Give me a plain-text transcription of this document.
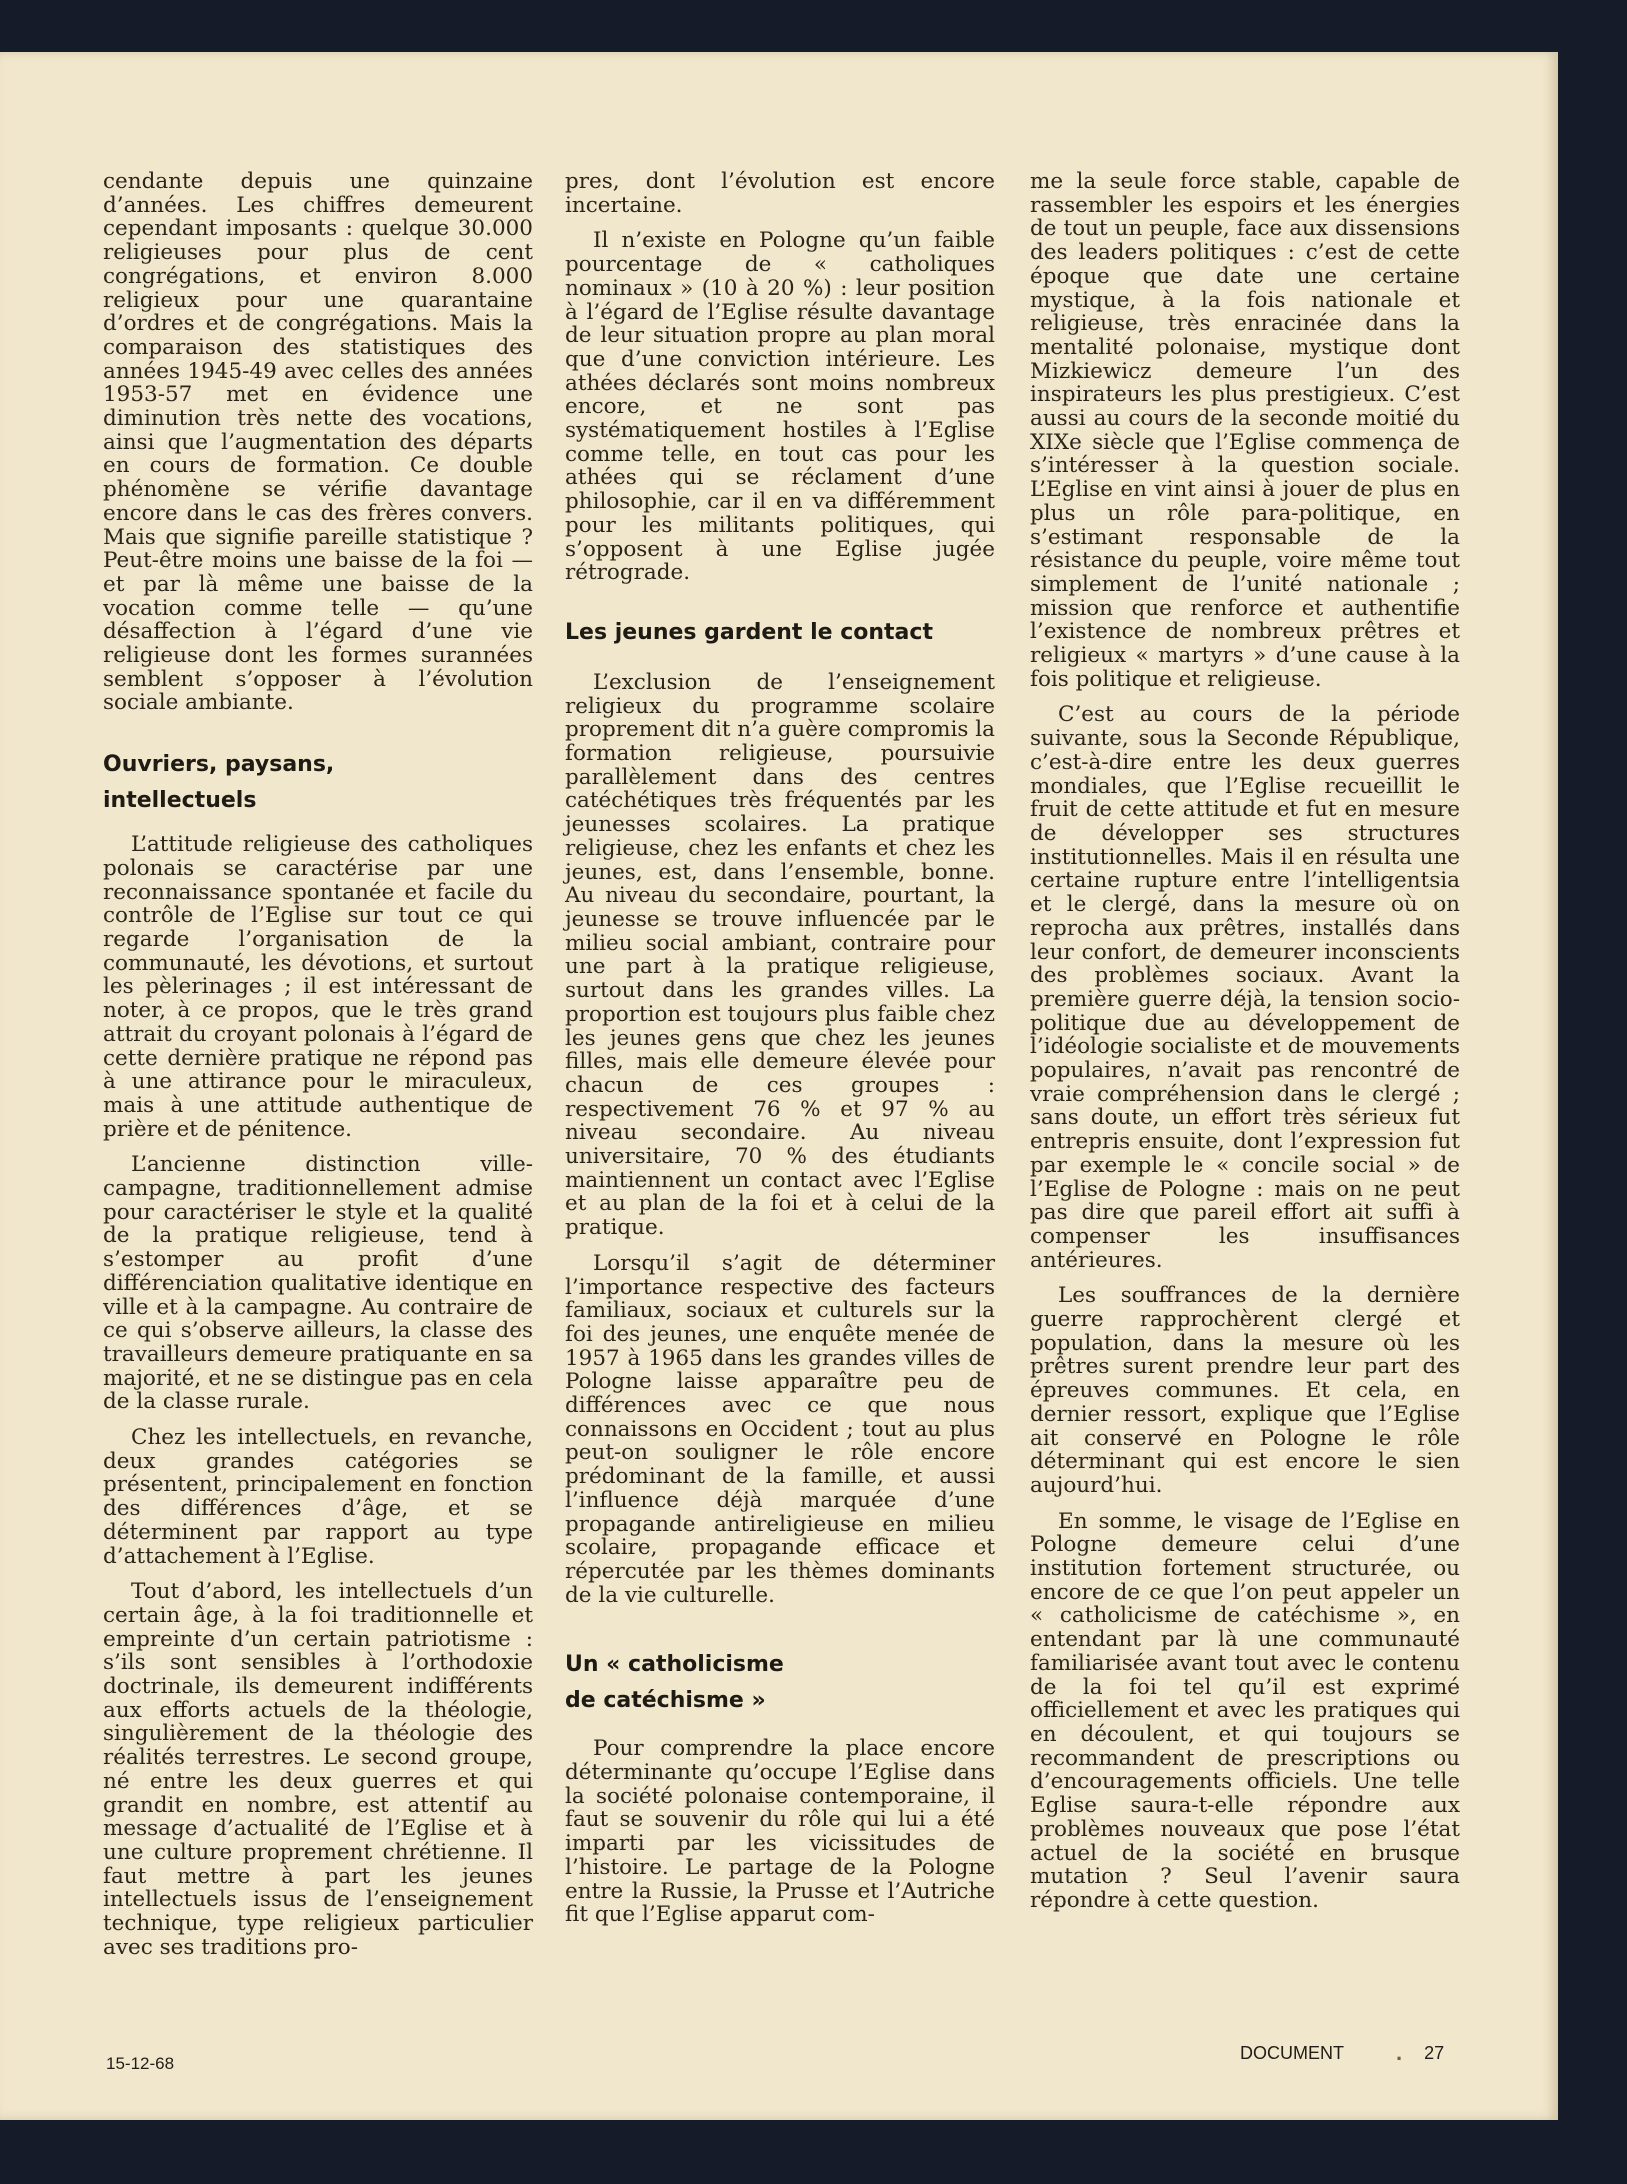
cendante depuis une quinzaine d’années. Les chiffres demeurent cependant imposants : quelque 30.000 religieuses pour plus de cent congrégations, et environ 8.000 religieux pour une quarantaine d’ordres et de congrégations. Mais la comparaison des statistiques des années 1945-49 avec celles des années 1953-57 met en évidence une diminution très nette des vocations, ainsi que l’augmentation des départs en cours de formation. Ce double phénomène se vérifie davantage encore dans le cas des frères convers. Mais que signifie pareille statistique ? Peut-être moins une baisse de la foi — et par là même une baisse de la vocation comme telle — qu’une désaffection à l’égard d’une vie religieuse dont les formes surannées semblent s’opposer à l’évolution sociale ambiante.

Ouvriers, paysans,
intellectuels

L’attitude religieuse des catholiques polonais se caractérise par une reconnaissance spontanée et facile du contrôle de l’Eglise sur tout ce qui regarde l’organisation de la communauté, les dévotions, et surtout les pèlerinages ; il est intéressant de noter, à ce propos, que le très grand attrait du croyant polonais à l’égard de cette dernière pratique ne répond pas à une attirance pour le miraculeux, mais à une attitude authentique de prière et de pénitence.

L’ancienne distinction ville-campagne, traditionnellement admise pour caractériser le style et la qualité de la pratique religieuse, tend à s’estomper au profit d’une différenciation qualitative identique en ville et à la campagne. Au contraire de ce qui s’observe ailleurs, la classe des travailleurs demeure pratiquante en sa majorité, et ne se distingue pas en cela de la classe rurale.

Chez les intellectuels, en revanche, deux grandes catégories se présentent, principalement en fonction des différences d’âge, et se déterminent par rapport au type d’attachement à l’Eglise.

Tout d’abord, les intellectuels d’un certain âge, à la foi traditionnelle et empreinte d’un certain patriotisme : s’ils sont sensibles à l’orthodoxie doctrinale, ils demeurent indifférents aux efforts actuels de la théologie, singulièrement de la théologie des réalités terrestres. Le second groupe, né entre les deux guerres et qui grandit en nombre, est attentif au message d’actualité de l’Eglise et à une culture proprement chrétienne. Il faut mettre à part les jeunes intellectuels issus de l’enseignement technique, type religieux particulier avec ses traditions pro-

pres, dont l’évolution est encore incertaine.

Il n’existe en Pologne qu’un faible pourcentage de « catholiques nominaux » (10 à 20 %) : leur position à l’égard de l’Eglise résulte davantage de leur situation propre au plan moral que d’une conviction intérieure. Les athées déclarés sont moins nombreux encore, et ne sont pas systématiquement hostiles à l’Eglise comme telle, en tout cas pour les athées qui se réclament d’une philosophie, car il en va différemment pour les militants politiques, qui s’opposent à une Eglise jugée rétrograde.

Les jeunes gardent le contact

L’exclusion de l’enseignement religieux du programme scolaire proprement dit n’a guère compromis la formation religieuse, poursuivie parallèlement dans des centres catéchétiques très fréquentés par les jeunesses scolaires. La pratique religieuse, chez les enfants et chez les jeunes, est, dans l’ensemble, bonne. Au niveau du secondaire, pourtant, la jeunesse se trouve influencée par le milieu social ambiant, contraire pour une part à la pratique religieuse, surtout dans les grandes villes. La proportion est toujours plus faible chez les jeunes gens que chez les jeunes filles, mais elle demeure élevée pour chacun de ces groupes : respectivement 76 % et 97 % au niveau secondaire. Au niveau universitaire, 70 % des étudiants maintiennent un contact avec l’Eglise et au plan de la foi et à celui de la pratique.

Lorsqu’il s’agit de déterminer l’importance respective des facteurs familiaux, sociaux et culturels sur la foi des jeunes, une enquête menée de 1957 à 1965 dans les grandes villes de Pologne laisse apparaître peu de différences avec ce que nous connaissons en Occident ; tout au plus peut-on souligner le rôle encore prédominant de la famille, et aussi l’influence déjà marquée d’une propagande antireligieuse en milieu scolaire, propagande efficace et répercutée par les thèmes dominants de la vie culturelle.

Un « catholicisme
de catéchisme »

Pour comprendre la place encore déterminante qu’occupe l’Eglise dans la société polonaise contemporaine, il faut se souvenir du rôle qui lui a été imparti par les vicissitudes de l’histoire. Le partage de la Pologne entre la Russie, la Prusse et l’Autriche fit que l’Eglise apparut com-

me la seule force stable, capable de rassembler les espoirs et les énergies de tout un peuple, face aux dissensions des leaders politiques : c’est de cette époque que date une certaine mystique, à la fois nationale et religieuse, très enracinée dans la mentalité polonaise, mystique dont Mizkiewicz demeure l’un des inspirateurs les plus prestigieux. C’est aussi au cours de la seconde moitié du XIXe siècle que l’Eglise commença de s’intéresser à la question sociale. L’Eglise en vint ainsi à jouer de plus en plus un rôle para-politique, en s’estimant responsable de la résistance du peuple, voire même tout simplement de l’unité nationale ; mission que renforce et authentifie l’existence de nombreux prêtres et religieux « martyrs » d’une cause à la fois politique et religieuse.

C’est au cours de la période suivante, sous la Seconde République, c’est-à-dire entre les deux guerres mondiales, que l’Eglise recueillit le fruit de cette attitude et fut en mesure de développer ses structures institutionnelles. Mais il en résulta une certaine rupture entre l’intelligentsia et le clergé, dans la mesure où on reprocha aux prêtres, installés dans leur confort, de demeurer inconscients des problèmes sociaux. Avant la première guerre déjà, la tension socio-politique due au développement de l’idéologie socialiste et de mouvements populaires, n’avait pas rencontré de vraie compréhension dans le clergé ; sans doute, un effort très sérieux fut entrepris ensuite, dont l’expression fut par exemple le « concile social » de l’Eglise de Pologne : mais on ne peut pas dire que pareil effort ait suffi à compenser les insuffisances antérieures.

Les souffrances de la dernière guerre rapprochèrent clergé et population, dans la mesure où les prêtres surent prendre leur part des épreuves communes. Et cela, en dernier ressort, explique que l’Eglise ait conservé en Pologne le rôle déterminant qui est encore le sien aujourd’hui.

En somme, le visage de l’Eglise en Pologne demeure celui d’une institution fortement structurée, ou encore de ce que l’on peut appeler un « catholicisme de catéchisme », en entendant par là une communauté familiarisée avant tout avec le contenu de la foi tel qu’il est exprimé officiellement et avec les pratiques qui en découlent, et qui toujours se recommandent de prescriptions ou d’encouragements officiels. Une telle Eglise saura-t-elle répondre aux problèmes nouveaux que pose l’état actuel de la société en brusque mutation ? Seul l’avenir saura répondre à cette question.

15-12-68
DOCUMENT . 27
